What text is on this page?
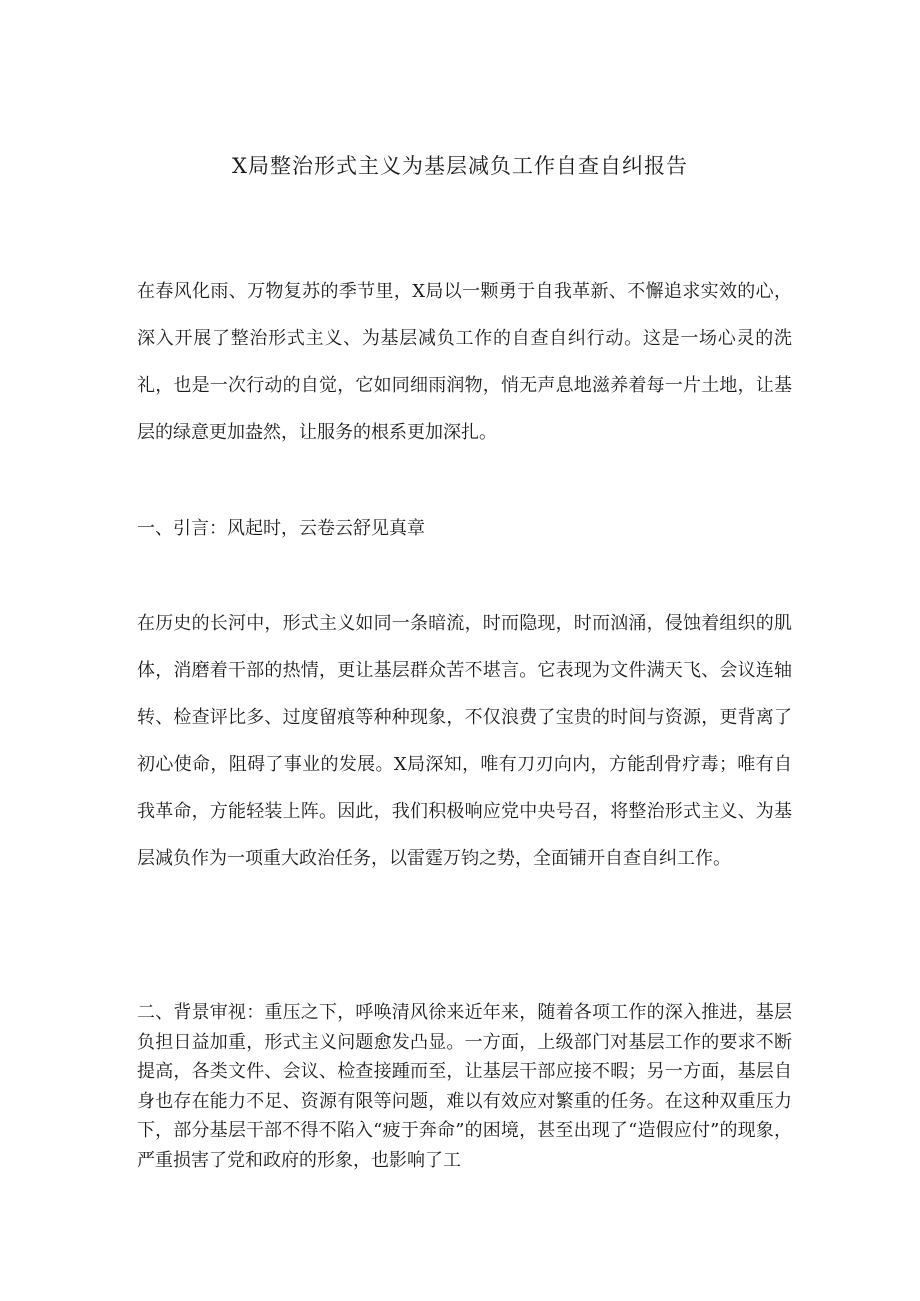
X局整治形式主义为基层减负工作自查自纠报告

在春风化雨、万物复苏的季节里，X局以一颗勇于自我革新、不懈追求实效的心，深入开展了整治形式主义、为基层减负工作的自查自纠行动。这是一场心灵的洗礼，也是一次行动的自觉，它如同细雨润物，悄无声息地滋养着每一片土地，让基层的绿意更加盎然，让服务的根系更加深扎。

一、引言：风起时，云卷云舒见真章

在历史的长河中，形式主义如同一条暗流，时而隐现，时而汹涌，侵蚀着组织的肌体，消磨着干部的热情，更让基层群众苦不堪言。它表现为文件满天飞、会议连轴转、检查评比多、过度留痕等种种现象，不仅浪费了宝贵的时间与资源，更背离了初心使命，阻碍了事业的发展。X局深知，唯有刀刃向内，方能刮骨疗毒；唯有自我革命，方能轻装上阵。因此，我们积极响应党中央号召，将整治形式主义、为基层减负作为一项重大政治任务，以雷霆万钧之势，全面铺开自查自纠工作。

二、背景审视：重压之下，呼唤清风徐来近年来，随着各项工作的深入推进，基层负担日益加重，形式主义问题愈发凸显。一方面，上级部门对基层工作的要求不断提高，各类文件、会议、检查接踵而至，让基层干部应接不暇；另一方面，基层自身也存在能力不足、资源有限等问题，难以有效应对繁重的任务。在这种双重压力下，部分基层干部不得不陷入“疲于奔命”的困境，甚至出现了“造假应付”的现象，严重损害了党和政府的形象，也影响了工
